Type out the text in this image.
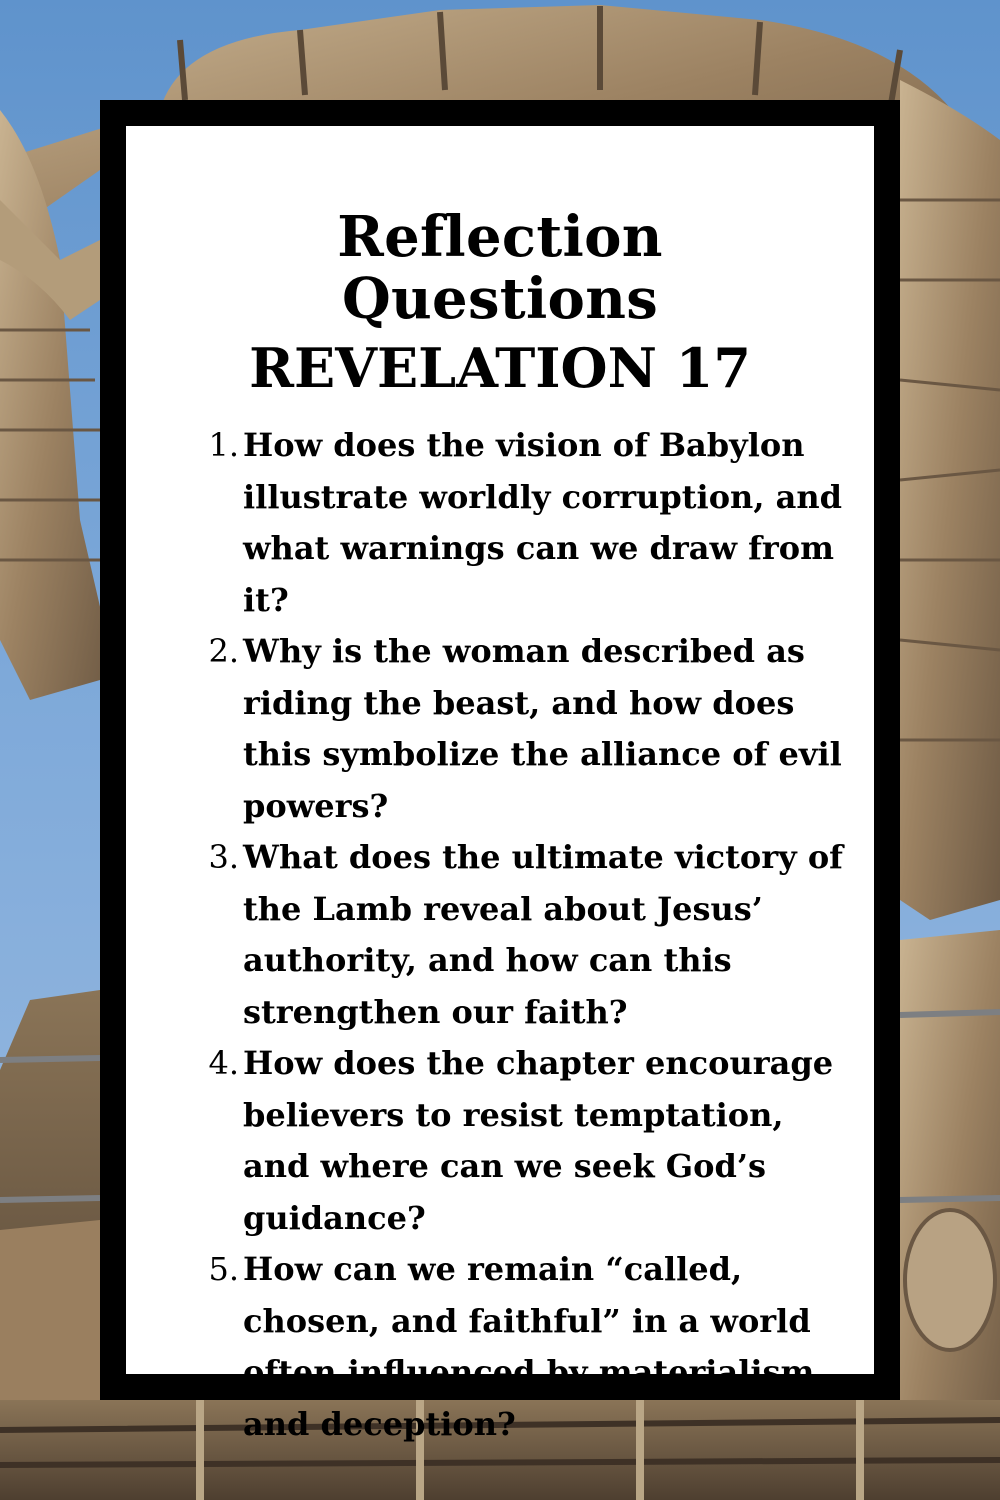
Reflection Questions
REVELATION 17
1. How does the vision of Babylon illustrate worldly corruption, and what warnings can we draw from it?
2. Why is the woman described as riding the beast, and how does this symbolize the alliance of evil powers?
3. What does the ultimate victory of the Lamb reveal about Jesus’ authority, and how can this strengthen our faith?
4. How does the chapter encourage believers to resist temptation, and where can we seek God’s guidance?
5. How can we remain “called, chosen, and faithful” in a world often influenced by materialism and deception?
